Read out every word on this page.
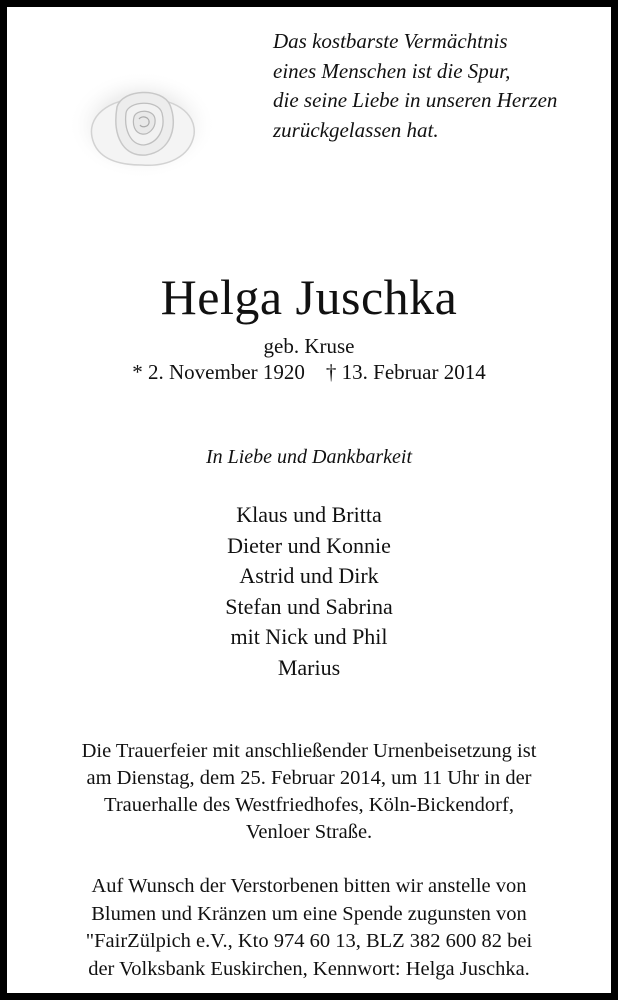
Das kostbarste Vermächtnis
eines Menschen ist die Spur,
die seine Liebe in unseren Herzen
zurückgelassen hat.
Helga Juschka
geb. Kruse
* 2. November 1920    † 13. Februar 2014
In Liebe und Dankbarkeit
Klaus und Britta
Dieter und Konnie
Astrid und Dirk
Stefan und Sabrina
mit Nick und Phil
Marius
Die Trauerfeier mit anschließender Urnenbeisetzung ist
am Dienstag, dem 25. Februar 2014, um 11 Uhr in der
Trauerhalle des Westfriedhofes, Köln-Bickendorf,
Venloer Straße.
Auf Wunsch der Verstorbenen bitten wir anstelle von
Blumen und Kränzen um eine Spende zugunsten von
"FairZülpich e.V., Kto 974 60 13, BLZ 382 600 82 bei
der Volksbank Euskirchen, Kennwort: Helga Juschka.
